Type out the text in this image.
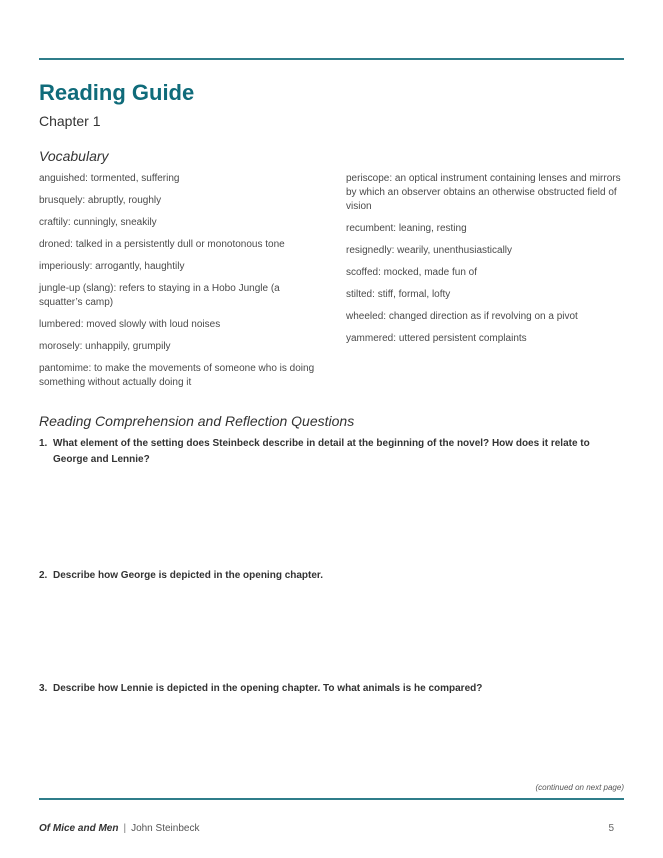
Reading Guide
Chapter 1
Vocabulary

anguished: tormented, suffering

brusquely: abruptly, roughly

craftily: cunningly, sneakily

droned: talked in a persistently dull or monotonous tone

imperiously: arrogantly, haughtily

jungle-up (slang): refers to staying in a Hobo Jungle (a squatter’s camp)

lumbered: moved slowly with loud noises

morosely: unhappily, grumpily

pantomime: to make the movements of someone who is doing something without actually doing it

periscope: an optical instrument containing lenses and mirrors by which an observer obtains an otherwise obstructed field of vision

recumbent: leaning, resting

resignedly: wearily, unenthusiastically

scoffed: mocked, made fun of

stilted: stiff, formal, lofty

wheeled: changed direction as if revolving on a pivot

yammered: uttered persistent complaints

Reading Comprehension and Reflection Questions
1. What element of the setting does Steinbeck describe in detail at the beginning of the novel? How does it relate to George and Lennie?
2. Describe how George is depicted in the opening chapter.
3. Describe how Lennie is depicted in the opening chapter. To what animals is he compared?
(continued on next page)
Of Mice and Men | John Steinbeck	5
